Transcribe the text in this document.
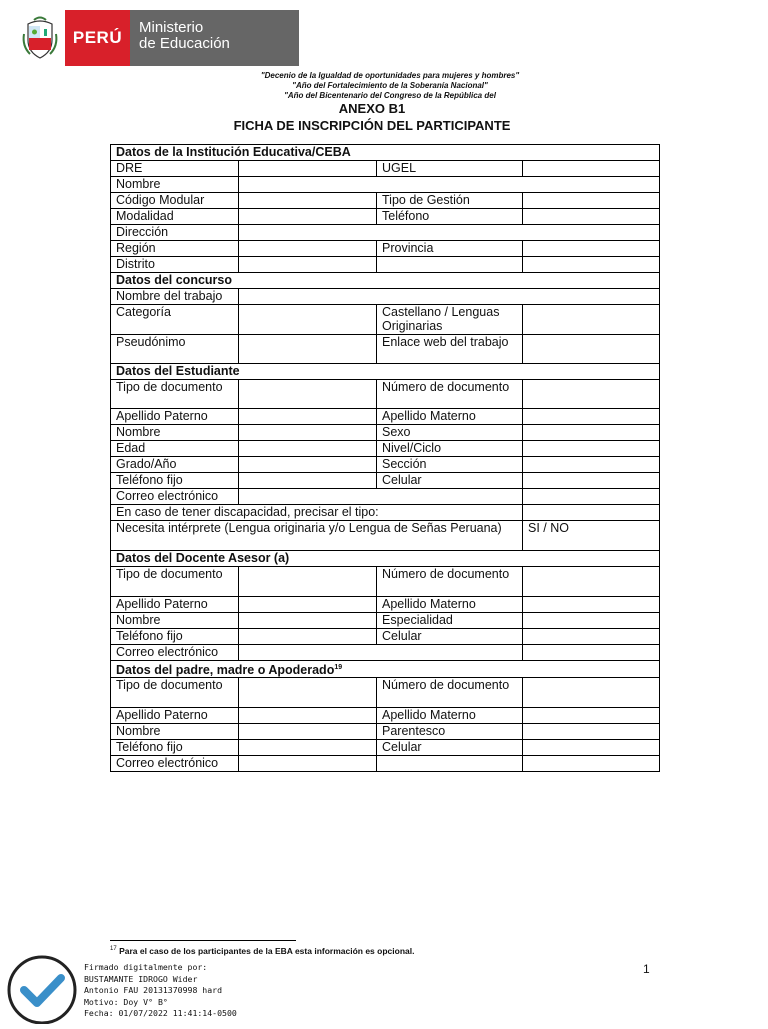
PERÚ
Ministerio
de Educación
"Decenio de la Igualdad de oportunidades para mujeres y hombres"
"Año del Fortalecimiento de la Soberanía Nacional"
"Año del Bicentenario del Congreso de la República del
ANEXO B1
FICHA DE INSCRIPCIÓN DEL PARTICIPANTE
Datos de la Institución Educativa/CEBA			
DRE		UGEL	
Nombre			
Código Modular		Tipo de Gestión	
Modalidad		Teléfono	
Dirección			
Región		Provincia	
Distrito			
Datos del concurso			
Nombre del trabajo			
Categoría		Castellano / Lenguas Originarias	
Pseudónimo		Enlace web del trabajo	
Datos del Estudiante			
Tipo de documento		Número de documento	
Apellido Paterno		Apellido Materno	
Nombre		Sexo	
Edad		Nivel/Ciclo	
Grado/Año		Sección	
Teléfono fijo		Celular	
Correo electrónico			
En caso de tener discapacidad, precisar el tipo:			
Necesita intérprete (Lengua originaria y/o Lengua de Señas Peruana)			SI / NO
Datos del Docente Asesor (a)			
Tipo de documento		Número de documento	
Apellido Paterno		Apellido Materno	
Nombre		Especialidad	
Teléfono fijo		Celular	
Correo electrónico			
Datos del padre, madre o Apoderado$^{19}$
Tipo de documento		Número de documento	
Apellido Paterno		Apellido Materno	
Nombre		Parentesco	
Teléfono fijo		Celular	
Correo electrónico			
$^{17}$ Para el caso de los participantes de la EBA esta información es opcional.
1
Firmado digitalmente por:
BUSTAMANTE IDROGO Wider
Antonio FAU 20131370998 hard
Motivo: Doy V° B°
Fecha: 01/07/2022 11:41:14-0500
